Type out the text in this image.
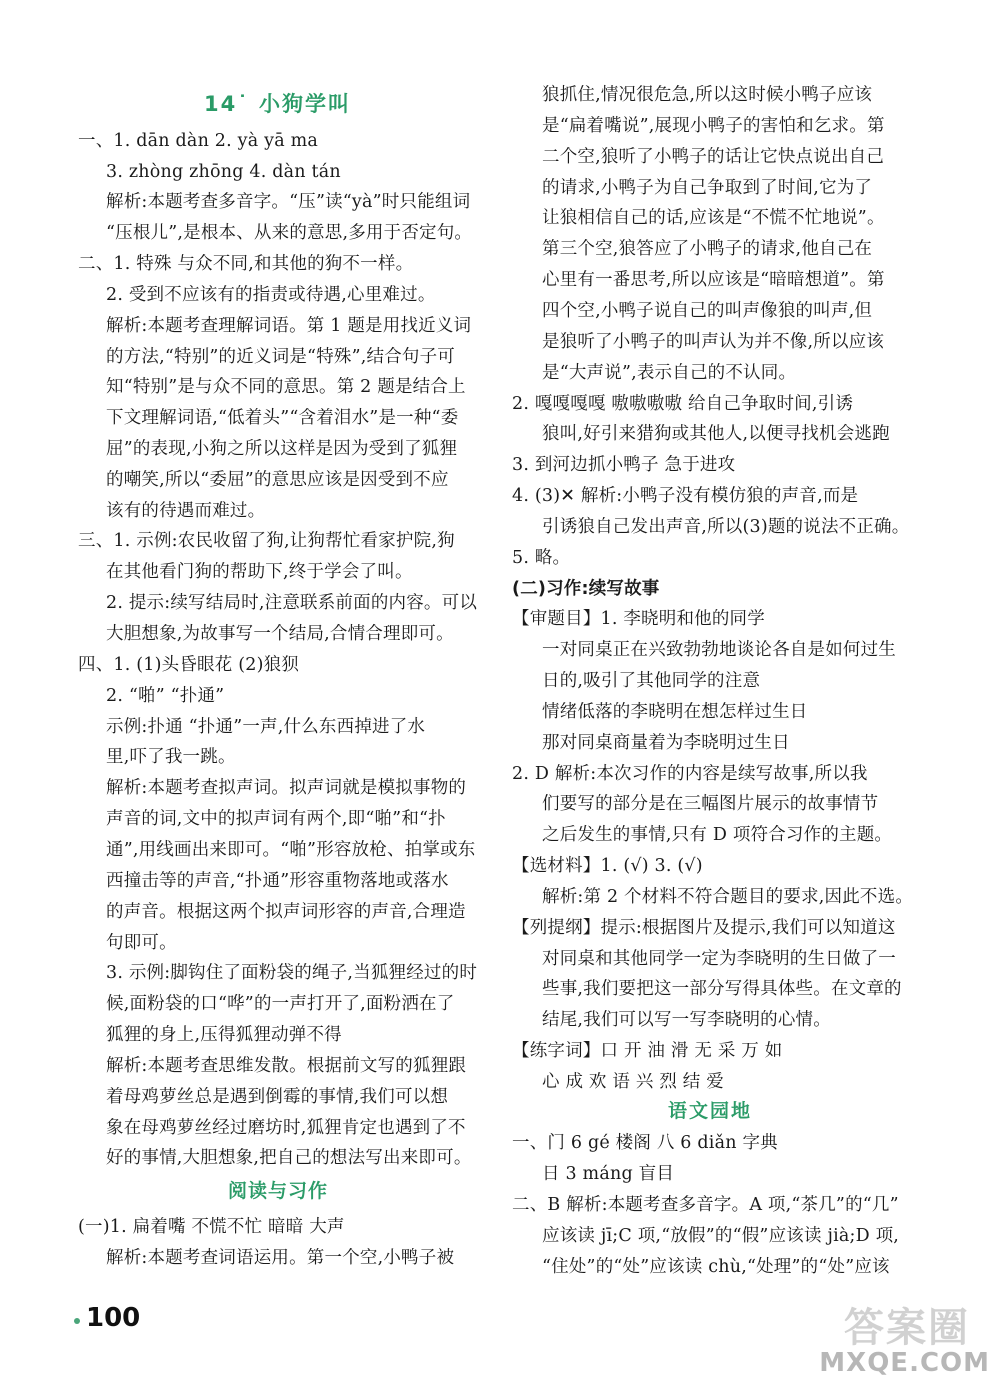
14˙ 小狗学叫
一、1. dān dàn 2. yà yā ma
3. zhòng zhōng 4. dàn tán
解析:本题考查多音字。“压”读“yà”时只能组词
“压根儿”,是根本、从来的意思,多用于否定句。
二、1. 特殊 与众不同,和其他的狗不一样。
2. 受到不应该有的指责或待遇,心里难过。
解析:本题考查理解词语。第 1 题是用找近义词
的方法,“特别”的近义词是“特殊”,结合句子可
知“特别”是与众不同的意思。第 2 题是结合上
下文理解词语,“低着头”“含着泪水”是一种“委
屈”的表现,小狗之所以这样是因为受到了狐狸
的嘲笑,所以“委屈”的意思应该是因受到不应
该有的待遇而难过。
三、1. 示例:农民收留了狗,让狗帮忙看家护院,狗
在其他看门狗的帮助下,终于学会了叫。
2. 提示:续写结局时,注意联系前面的内容。可以
大胆想象,为故事写一个结局,合情合理即可。
四、1. (1)头昏眼花 (2)狼狈
2. “啪” “扑通”
示例:扑通 “扑通”一声,什么东西掉进了水
里,吓了我一跳。
解析:本题考查拟声词。拟声词就是模拟事物的
声音的词,文中的拟声词有两个,即“啪”和“扑
通”,用线画出来即可。“啪”形容放枪、拍掌或东
西撞击等的声音,“扑通”形容重物落地或落水
的声音。根据这两个拟声词形容的声音,合理造
句即可。
3. 示例:脚钩住了面粉袋的绳子,当狐狸经过的时
候,面粉袋的口“哗”的一声打开了,面粉洒在了
狐狸的身上,压得狐狸动弹不得
解析:本题考查思维发散。根据前文写的狐狸跟
着母鸡萝丝总是遇到倒霉的事情,我们可以想
象在母鸡萝丝经过磨坊时,狐狸肯定也遇到了不
好的事情,大胆想象,把自己的想法写出来即可。
阅读与习作
(一)1. 扁着嘴 不慌不忙 暗暗 大声
解析:本题考查词语运用。第一个空,小鸭子被
狼抓住,情况很危急,所以这时候小鸭子应该
是“扁着嘴说”,展现小鸭子的害怕和乞求。第
二个空,狼听了小鸭子的话让它快点说出自己
的请求,小鸭子为自己争取到了时间,它为了
让狼相信自己的话,应该是“不慌不忙地说”。
第三个空,狼答应了小鸭子的请求,他自己在
心里有一番思考,所以应该是“暗暗想道”。第
四个空,小鸭子说自己的叫声像狼的叫声,但
是狼听了小鸭子的叫声认为并不像,所以应该
是“大声说”,表示自己的不认同。
2. 嘎嘎嘎嘎 嗷嗷嗷嗷 给自己争取时间,引诱
狼叫,好引来猎狗或其他人,以便寻找机会逃跑
3. 到河边抓小鸭子 急于进攻
4. (3)✕ 解析:小鸭子没有模仿狼的声音,而是
引诱狼自己发出声音,所以(3)题的说法不正确。
5. 略。
(二)习作:续写故事
【审题目】1. 李晓明和他的同学
一对同桌正在兴致勃勃地谈论各自是如何过生
日的,吸引了其他同学的注意
情绪低落的李晓明在想怎样过生日
那对同桌商量着为李晓明过生日
2. D 解析:本次习作的内容是续写故事,所以我
们要写的部分是在三幅图片展示的故事情节
之后发生的事情,只有 D 项符合习作的主题。
【选材料】1. (√) 3. (√)
解析:第 2 个材料不符合题目的要求,因此不选。
【列提纲】提示:根据图片及提示,我们可以知道这
对同桌和其他同学一定为李晓明的生日做了一
些事,我们要把这一部分写得具体些。在文章的
结尾,我们可以写一写李晓明的心情。
【练字词】口 开 油 滑 无 采 万 如
心 成 欢 语 兴 烈 结 爱
语文园地
一、门 6 gé 楼阁 八 6 diǎn 字典
日 3 máng 盲目
二、B 解析:本题考查多音字。A 项,“茶几”的“几”
应该读 jī;C 项,“放假”的“假”应该读 jià;D 项,
“住处”的“处”应该读 chù,“处理”的“处”应该
100	答案圈
MXQE.COM
